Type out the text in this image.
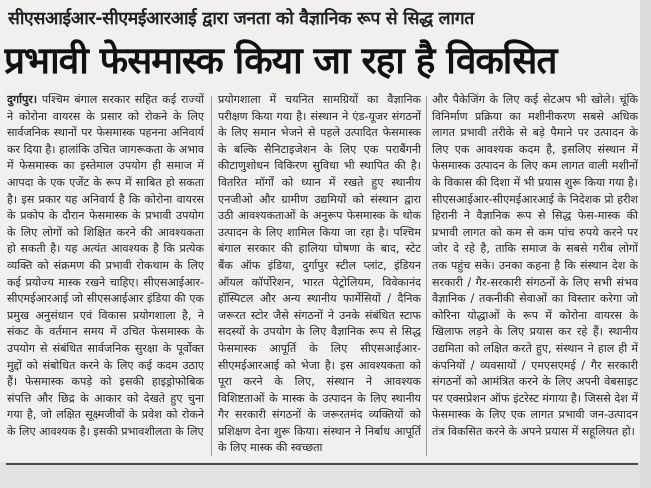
सीएसआईआर-सीएमईआरआई द्वारा जनता को वैज्ञानिक रूप से सिद्ध लागत
प्रभावी फेसमास्क किया जा रहा है विकसित
दुर्गापुर। पश्चिम बंगाल सरकार सहित कई राज्यों ने कोरोना वायरस के प्रसार को रोकने के लिए सार्वजनिक स्थानों पर फेसमास्क पहनना अनिवार्य कर दिया है। हालांकि उचित जागरूकता के अभाव में फेसमास्क का इस्तेमाल उपयोग ही समाज में आपदा के एक एजेंट के रूप में साबित हो सकता है। इस प्रकार यह अनिवार्य है कि कोरोना वायरस के प्रकोप के दौरान फेसमास्क के प्रभावी उपयोग के लिए लोगों को शिक्षित करने की आवश्यकता हो सकती है। यह अत्यंत आवश्यक है कि प्रत्येक व्यक्ति को संक्रमण की प्रभावी रोकथाम के लिए कई प्रयोज्य मास्क रखने चाहिए। सीएसआईआर-सीएमईआरआई जो सीएसआईआर इंडिया की एक प्रमुख अनुसंधान एवं विकास प्रयोगशाला है, ने संकट के वर्तमान समय में उचित फेसमास्क के उपयोग से संबंधित सार्वजनिक सुरक्षा के पूर्वोक्त मुद्दों को संबोधित करने के लिए कई कदम उठाए हैं। फेसमास्क कपड़े को इसकी हाइड्रोफोबिक संपत्ति और छिद्र के आकार को देखते हुए चुना गया है, जो लक्षित सूक्ष्मजीवों के प्रवेश को रोकने के लिए आवश्यक है। इसकी प्रभावशीलता के लिए
प्रयोगशाला में चयनित सामग्रियों का वैज्ञानिक परीक्षण किया गया है। संस्थान ने एंड-यूजर संगठनों के लिए समान भेजने से पहले उत्पादित फेसमास्क के बल्कि सैनिटाइजेशन के लिए एक पराबैंगनी कीटाणुशोधन विकिरण सुविधा भी स्थापित की है। वितरित मॉर्गों को ध्यान में रखते हुए स्थानीय एनजीओ और ग्रामीण उद्यमियों को संस्थान द्वारा उठी आवश्यकताओं के अनुरूप फेसमास्क के थोक उत्पादन के लिए शामिल किया जा रहा है। पश्चिम बंगाल सरकार की हालिया घोषणा के बाद, स्टेट बैंक ऑफ इंडिया, दुर्गापुर स्टील प्लांट, इंडियन ऑयल कॉर्पोरेशन, भारत पेट्रोलियम, विवेकानंद हॉस्पिटल और अन्य स्थानीय फार्मेसियों / दैनिक जरूरत स्टोर जैसे संगठनों ने उनके संबंधित स्टाफ सदस्यों के उपयोग के लिए वैज्ञानिक रूप से सिद्ध फेसमास्क आपूर्ति के लिए सीएसआईआर-सीएमईआरआई को भेजा है। इस आवश्यकता को पूरा करने के लिए, संस्थान ने आवश्यक विशिष्टताओं के मास्क के उत्पादन के लिए स्थानीय गैर सरकारी संगठनों के जरूरतमंद व्यक्तियों को प्रशिक्षण देना शुरू किया। संस्थान ने निर्बाध आपूर्ति के लिए मास्क की स्वच्छता
और पैकेजिंग के लिए कई सेटअप भी खोले। चूंकि विनिर्माण प्रक्रिया का मशीनीकरण सबसे अधिक लागत प्रभावी तरीके से बड़े पैमाने पर उत्पादन के लिए एक आवश्यक कदम है, इसलिए संस्थान में फेसमास्क उत्पादन के लिए कम लागत वाली मशीनों के विकास की दिशा में भी प्रयास शुरू किया गया है। सीएसआईआर-सीएमईआरआई के निदेशक प्रो हरीश हिरानी ने वैज्ञानिक रूप से सिद्ध फेस-मास्क की प्रभावी लागत को कम से कम पांच रुपये करने पर जोर दे रहे है, ताकि समाज के सबसे गरीब लोगों तक पहुंच सके। उनका कहना है कि संस्थान देश के सरकारी / गैर-सरकारी संगठनों के लिए सभी संभव वैज्ञानिक / तकनीकी सेवाओं का विस्तार करेगा जो कोरिना योद्धाओं के रूप में कोरोना वायरस के खिलाफ लड़ने के लिए प्रयास कर रहे हैं। स्थानीय उद्यमिता को लक्षित करते हुए, संस्थान ने हाल ही में कंपनियों / व्यवसायों / एमएसएमई / गैर सरकारी संगठनों को आमंत्रित करने के लिए अपनी वेबसाइट पर एक्सप्रेशन ऑफ इंटरेस्ट मंगाया है। जिससे देश में फेसमास्क के लिए एक लागत प्रभावी जन-उत्पादन तंत्र विकसित करने के अपने प्रयास में सहूलियत हो।
